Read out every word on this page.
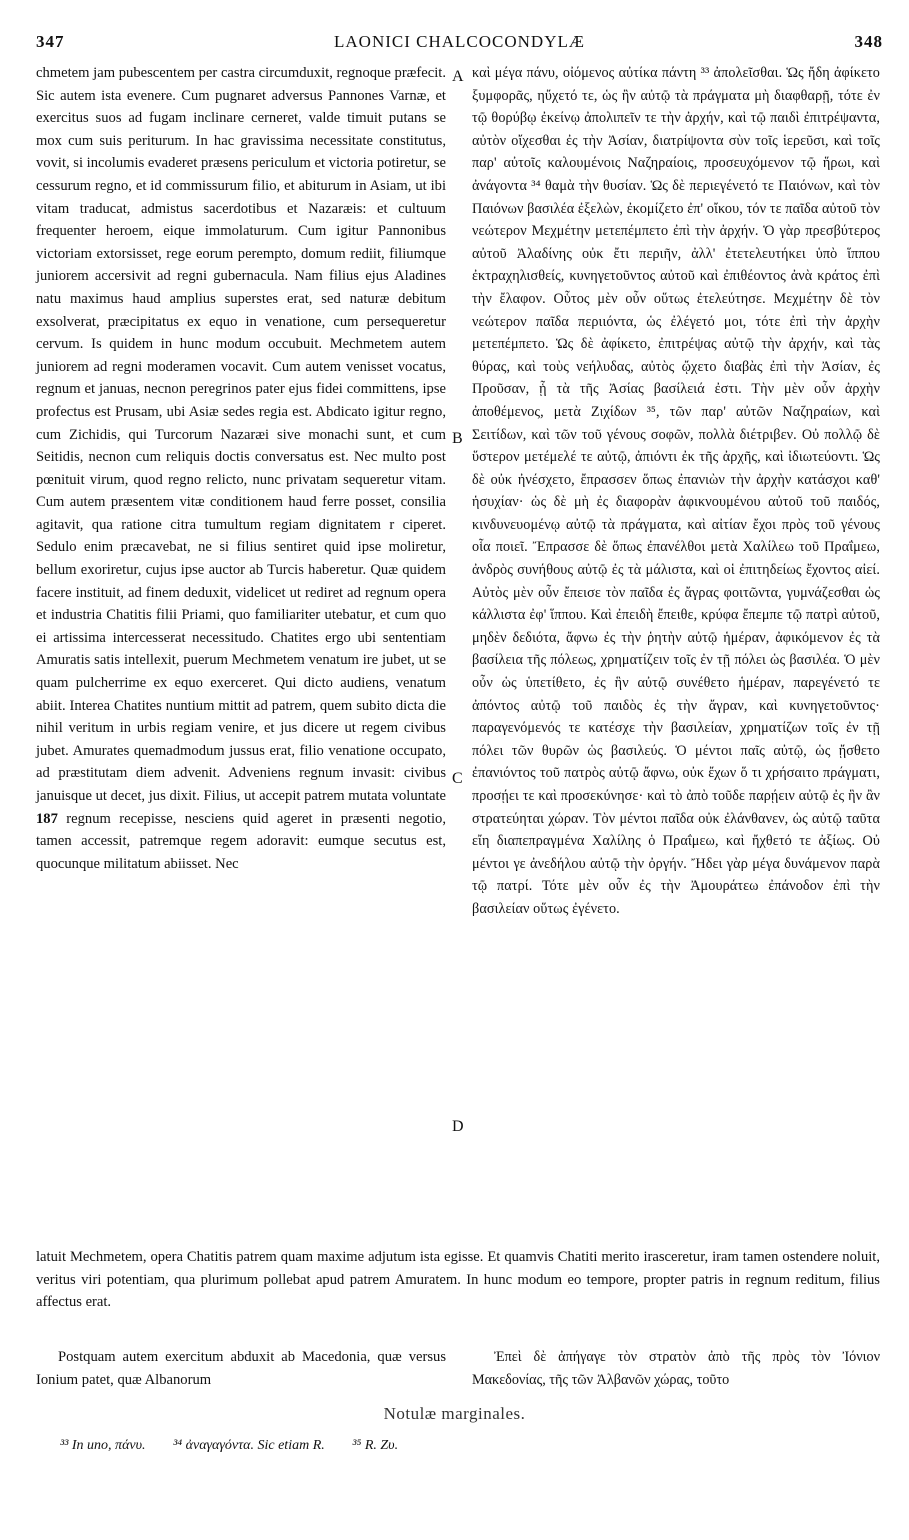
347	LAONICI CHALCOCONDYLÆ	348

chmetem jam pubescentem per castra circumduxit, regnoque præfecit. Sic autem ista evenere. Cum pugnaret adversus Pannones Varnæ, et exercitus suos ad fugam inclinare cerneret, valde timuit putans se mox cum suis periturum. In hac gravissima necessitate constitutus, vovit, si incolumis evaderet præsens periculum et victoria potiretur, se cessurum regno, et id commissurum filio, et abiturum in Asiam, ut ibi vitam traducat, admistus sacerdotibus et Nazaræis: et cultuum frequenter heroem, eique immolaturum. Cum igitur Pannonibus victoriam extorsisset, rege eorum perempto, domum rediit, filiumque juniorem accersivit ad regni gubernacula. Nam filius ejus Aladines natu maximus haud amplius superstes erat, sed naturæ debitum exsolverat, præcipitatus ex equo in venatione, cum persequeretur cervum. Is quidem in hunc modum occubuit. Mechmetem autem juniorem ad regni moderamen vocavit. Cum autem venisset vocatus, regnum et januas, necnon peregrinos pater ejus fidei committens, ipse profectus est Prusam, ubi Asiæ sedes regia est. Abdicato igitur regno, cum Zichidis, qui Turcorum Nazaræi sive monachi sunt, et cum Seitidis, necnon cum reliquis doctis conversatus est. Nec multo post pœnituit virum, quod regno relicto, nunc privatam sequeretur vitam. Cum autem præsentem vitæ conditionem haud ferre posset, consilia agitavit, qua ratione citra tumultum regiam dignitatem r ciperet. Sedulo enim præcavebat, ne si filius sentiret quid ipse moliretur, bellum exoriretur, cujus ipse auctor ab Turcis haberetur. Quæ quidem facere instituit, ad finem deduxit, videlicet ut rediret ad regnum opera et industria Chatitis filii Priami, quo familiariter utebatur, et cum quo ei artissima intercesserat necessitudo. Chatites ergo ubi sententiam Amuratis satis intellexit, puerum Mechmetem venatum ire jubet, ut se quam pulcherrime ex equo exerceret. Qui dicto audiens, venatum abiit. Interea Chatites nuntium mittit ad patrem, quem subito dicta die nihil veritum in urbis regiam venire, et jus dicere ut regem civibus jubet. Amurates quemadmodum jussus erat, filio venatione occupato, ad præstitutam diem advenit. Adveniens regnum invasit: civibus januisque ut decet, jus dixit. Filius, ut accepit patrem mutata voluntate 187 regnum recepisse, nesciens quid ageret in præsenti negotio, tamen accessit, patremque regem adoravit: eumque secutus est, quocunque militatum abiisset. Nec

A
B
C
D

καὶ μέγα πάνυ, οἰόμενος αὐτίκα πάντη ³³ ἀπολεῖσθαι. Ὡς ἤδη ἀφίκετο ξυμφορᾶς, ηὔχετό τε, ὡς ἢν αὐτῷ τὰ πράγματα μὴ διαφθαρῇ, τότε ἐν τῷ θορύβῳ ἐκείνῳ ἀπολιπεῖν τε τὴν ἀρχήν, καὶ τῷ παιδὶ ἐπιτρέψαντα, αὐτὸν οἴχεσθαι ἐς τὴν Ἀσίαν, διατρίψοντα σὺν τοῖς ἱερεῦσι, καὶ τοῖς παρ' αὐτοῖς καλουμένοις Ναζηραίοις, προσευχόμενον τῷ ἥρωι, καὶ ἀνάγοντα ³⁴ θαμὰ τὴν θυσίαν. Ὡς δὲ περιεγένετό τε Παιόνων, καὶ τὸν Παιόνων βασιλέα ἐξελὼν, ἐκομίζετο ἐπ' οἴκου, τόν τε παῖδα αὐτοῦ τὸν νεώτερον Μεχμέτην μετεπέμπετο ἐπὶ τὴν ἀρχήν. Ὁ γὰρ πρεσβύτερος αὐτοῦ Ἀλαδίνης οὐκ ἔτι περιῆν, ἀλλ' ἐτετελευτήκει ὑπὸ ἵππου ἐκτραχηλισθείς, κυνηγετοῦντος αὐτοῦ καὶ ἐπιθέοντος ἀνὰ κράτος ἐπὶ τὴν ἔλαφον. Οὗτος μὲν οὖν οὕτως ἐτελεύτησε. Μεχμέτην δὲ τὸν νεώτερον παῖδα περιιόντα, ὡς ἐλέγετό μοι, τότε ἐπὶ τὴν ἀρχὴν μετεπέμπετο. Ὡς δὲ ἀφίκετο, ἐπιτρέψας αὐτῷ τὴν ἀρχήν, καὶ τὰς θύρας, καὶ τοὺς νεήλυδας, αὐτὸς ᾤχετο διαβὰς ἐπὶ τὴν Ἀσίαν, ἐς Προῦσαν, ᾗ τὰ τῆς Ἀσίας βασίλειά ἐστι. Τὴν μὲν οὖν ἀρχὴν ἀποθέμενος, μετὰ Ζιχίδων ³⁵, τῶν παρ' αὐτῶν Ναζηραίων, καὶ Σειτίδων, καὶ τῶν τοῦ γένους σοφῶν, πολλὰ διέτριβεν. Οὐ πολλῷ δὲ ὕστερον μετέμελέ τε αὐτῷ, ἀπιόντι ἐκ τῆς ἀρχῆς, καὶ ἰδιωτεύοντι. Ὡς δὲ οὐκ ἠνέσχετο, ἔπρασσεν ὅπως ἐπανιὼν τὴν ἀρχὴν κατάσχοι καθ' ἡσυχίαν· ὡς δὲ μὴ ἐς διαφορὰν ἀφικνουμένου αὐτοῦ τοῦ παιδός, κινδυνευομένῳ αὐτῷ τὰ πράγματα, καὶ αἰτίαν ἔχοι πρὸς τοῦ γένους οἷα ποιεῖ. Ἔπρασσε δὲ ὅπως ἐπανέλθοι μετὰ Χαλίλεω τοῦ Πραΐμεω, ἀνδρὸς συνήθους αὐτῷ ἐς τὰ μάλιστα, καὶ οἱ ἐπιτηδείως ἔχοντος αἰεί. Αὐτὸς μὲν οὖν ἔπεισε τὸν παῖδα ἐς ἄγρας φοιτῶντα, γυμνάζεσθαι ὡς κάλλιστα ἐφ' ἵππου. Καὶ ἐπειδὴ ἔπειθε, κρύφα ἔπεμπε τῷ πατρὶ αὐτοῦ, μηδὲν δεδιότα, ἄφνω ἐς τὴν ῥητὴν αὐτῷ ἡμέραν, ἀφικόμενον ἐς τὰ βασίλεια τῆς πόλεως, χρηματίζειν τοῖς ἐν τῇ πόλει ὡς βασιλέα. Ὁ μὲν οὖν ὡς ὑπετίθετο, ἐς ἣν αὐτῷ συνέθετο ἡμέραν, παρεγένετό τε ἀπόντος αὐτῷ τοῦ παιδὸς ἐς τὴν ἄγραν, καὶ κυνηγετοῦντος· παραγενόμενός τε κατέσχε τὴν βασιλείαν, χρηματίζων τοῖς ἐν τῇ πόλει τῶν θυρῶν ὡς βασιλεύς. Ὁ μέντοι παῖς αὐτῷ, ὡς ᾔσθετο ἐπανιόντος τοῦ πατρὸς αὐτῷ ἄφνω, οὐκ ἔχων ὅ τι χρήσαιτο πράγματι, προσῄει τε καὶ προσεκύνησε· καὶ τὸ ἀπὸ τοῦδε παρῄειν αὐτῷ ἐς ἣν ἂν στρατεύηται χώραν. Τὸν μέντοι παῖδα οὐκ ἐλάνθανεν, ὡς αὐτῷ ταῦτα εἴη διαπεπραγμένα Χαλίλης ὁ Πραΐμεω, καὶ ἤχθετό τε ἀξίως. Οὐ μέντοι γε ἀνεδήλου αὐτῷ τὴν ὀργήν. Ἤδει γὰρ μέγα δυνάμενον παρὰ τῷ πατρί. Τότε μὲν οὖν ἐς τὴν Ἀμουράτεω ἐπάνοδον ἐπὶ τὴν βασιλείαν οὕτως ἐγένετο.

latuit Mechmetem, opera Chatitis patrem quam maxime adjutum ista egisse. Et quamvis Chatiti merito irasceretur, iram tamen ostendere noluit, veritus viri potentiam, qua plurimum pollebat apud patrem Amuratem. In hunc modum eo tempore, propter patris in regnum reditum, filius affectus erat.

Postquam autem exercitum abduxit ab Macedonia, quæ versus Ionium patet, quæ Albanorum
Ἐπεὶ δὲ ἀπήγαγε τὸν στρατὸν ἀπὸ τῆς πρὸς τὸν Ἰόνιον Μακεδονίας, τῆς τῶν Ἀλβανῶν χώρας, τοῦτο
Notulæ marginales.
³³ In uno, πάνυ. ³⁴ ἀναγαγόντα. Sic etiam R. ³⁵ R. Ζυ.
